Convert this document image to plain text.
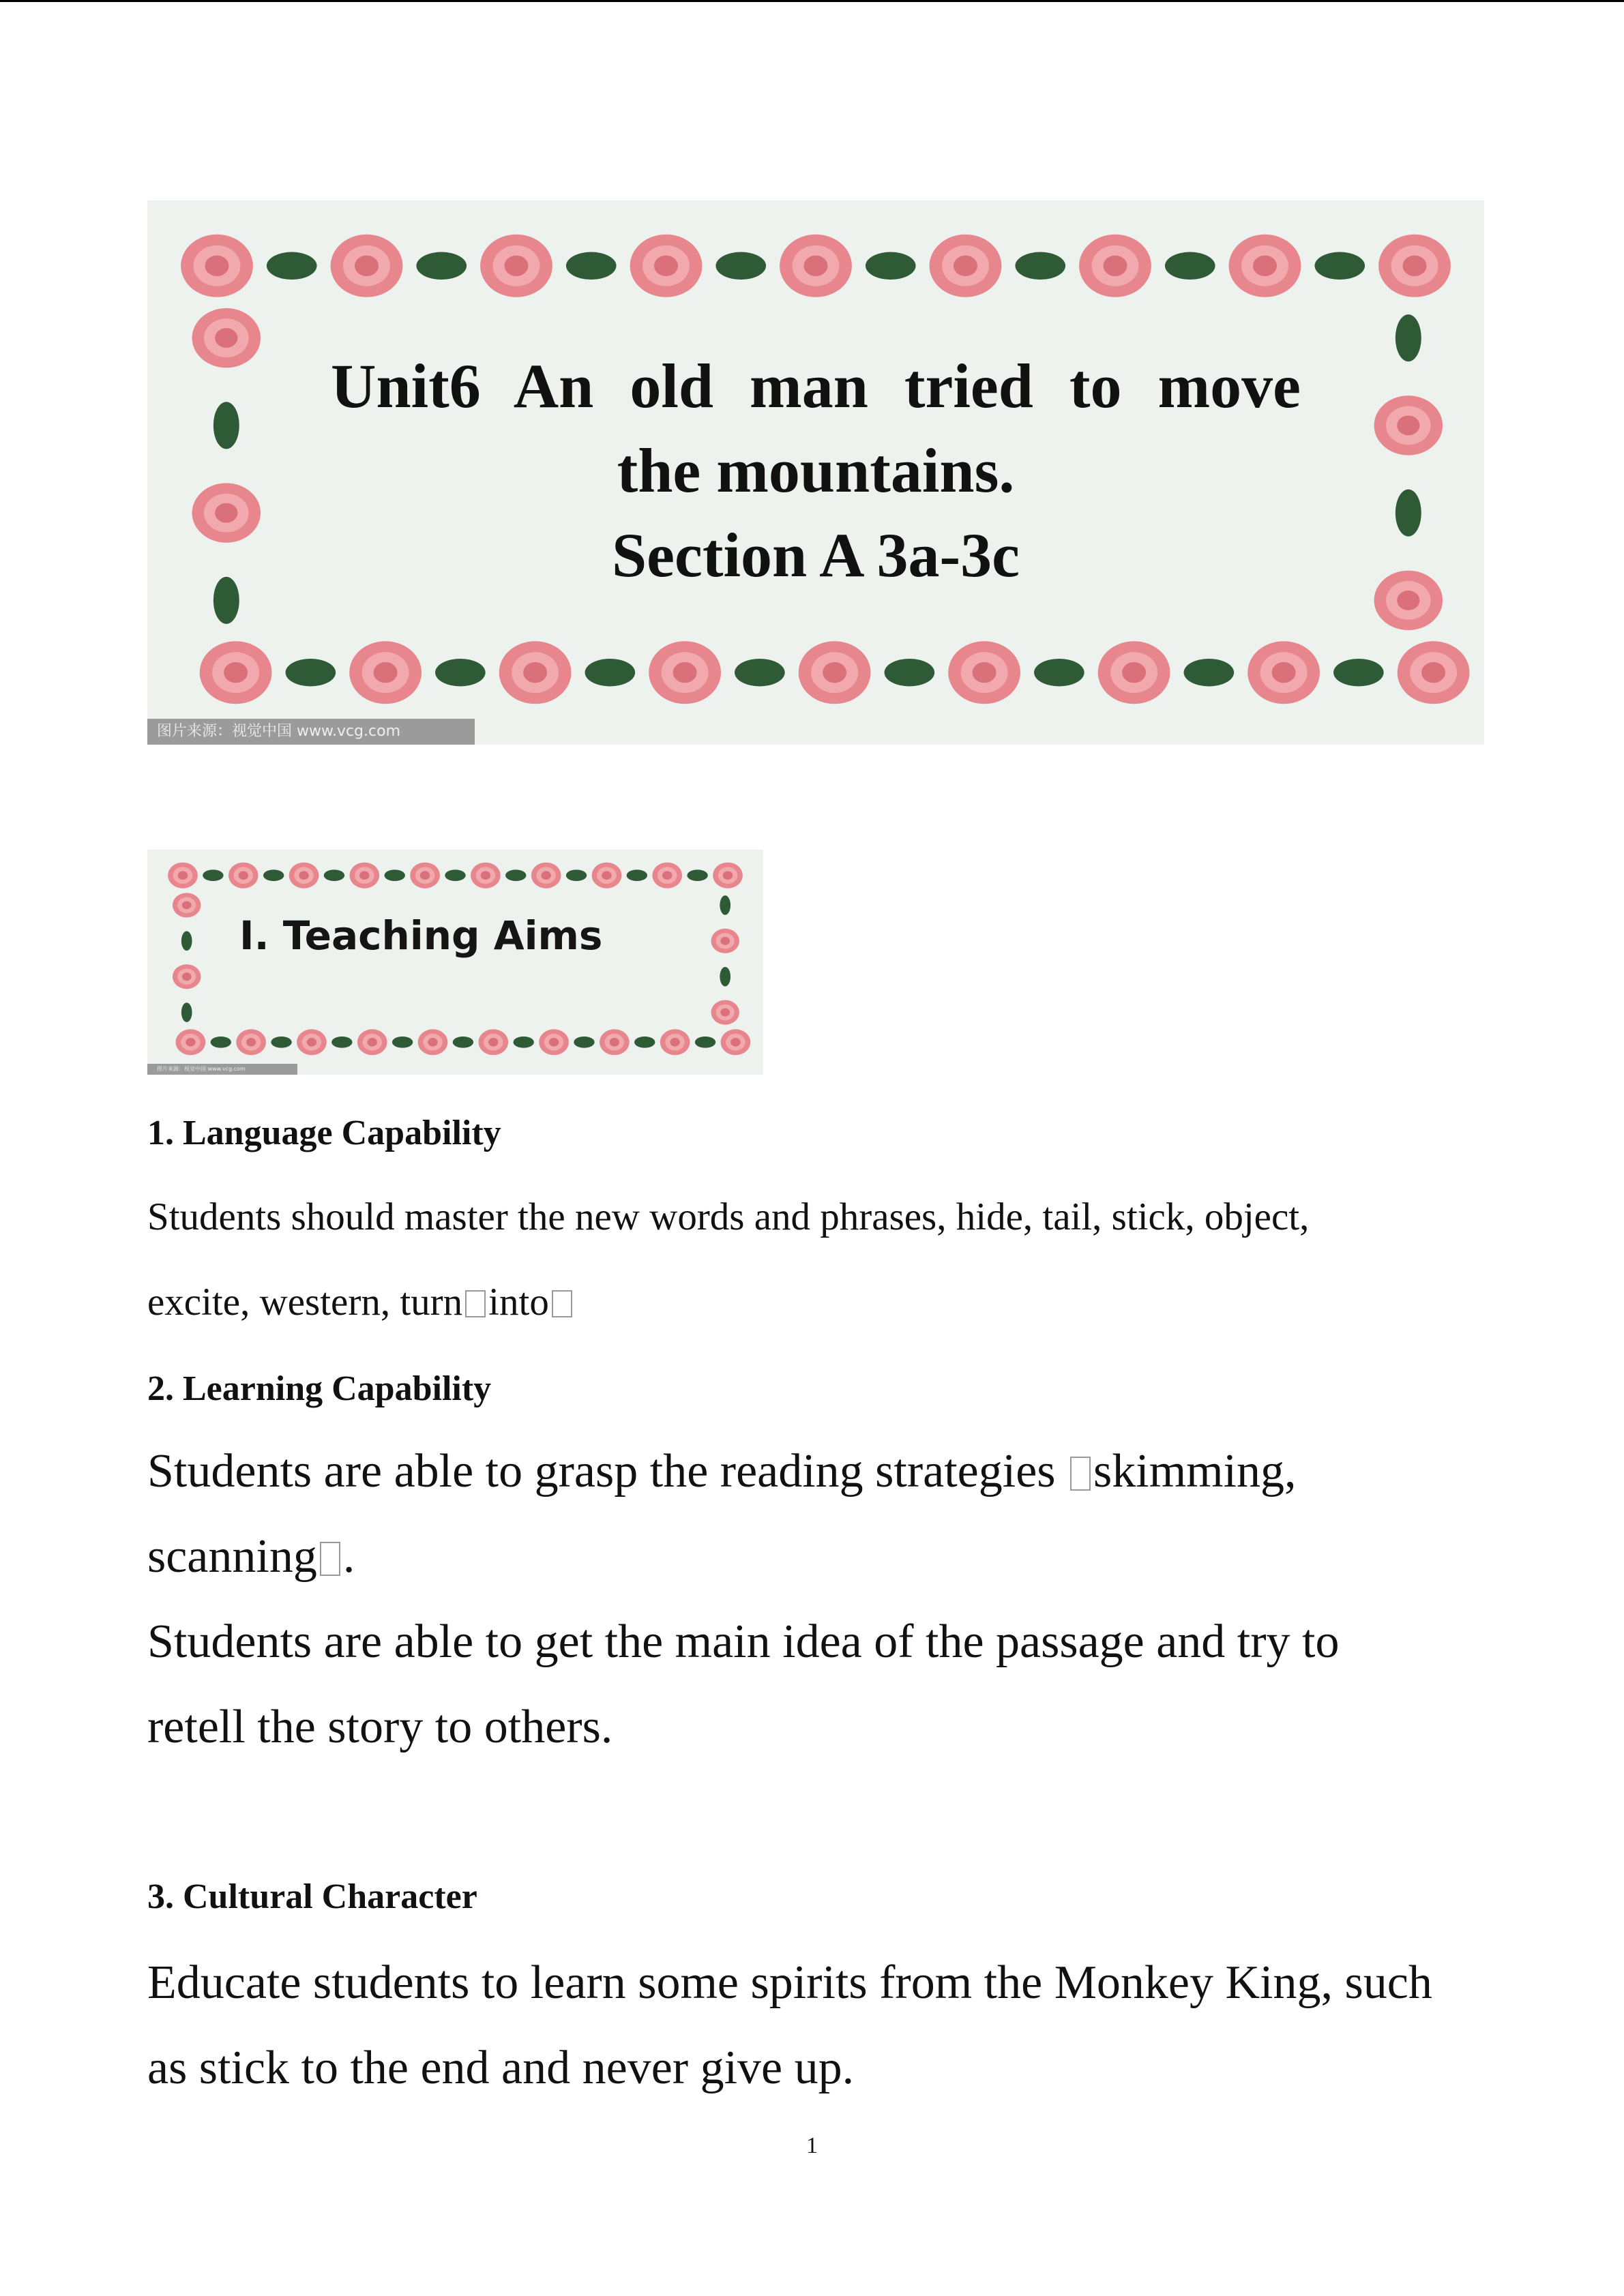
Unit6 An old man tried to move
the mountains.
Section A 3a-3c
图片来源：视觉中国 www.vcg.com
I. Teaching Aims
图片来源：视觉中国 www.vcg.com
1. Language Capability
Students should master the new words and phrases, hide, tail, stick, object,
excite, western, turn into
2. Learning Capability
Students are able to grasp the reading strategies skimming,
scanning .
Students are able to get the main idea of the passage and try to
retell the story to others.
3. Cultural Character
Educate students to learn some spirits from the Monkey King, such
as stick to the end and never give up.
1
